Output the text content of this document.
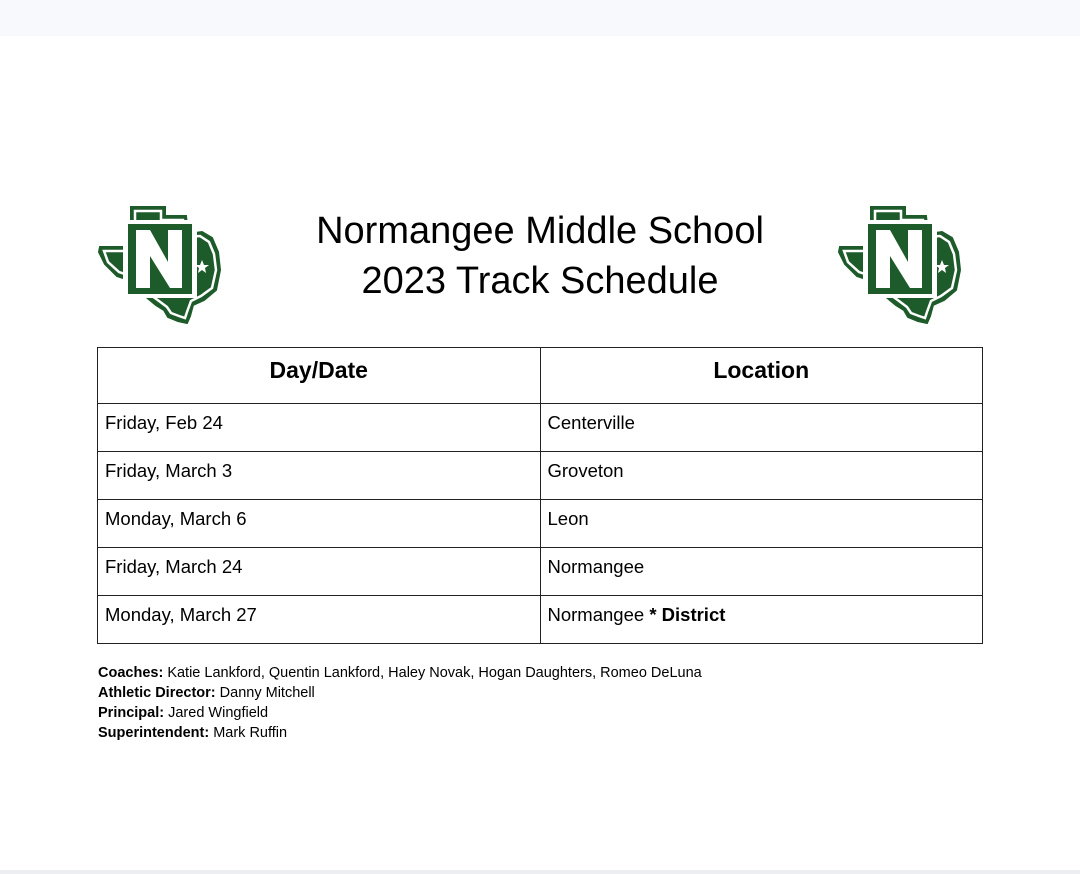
Normangee Middle School
2023 Track Schedule
Day/Date	Location
Friday, Feb 24	Centerville
Friday, March 3	Groveton
Monday, March 6	Leon
Friday, March 24	Normangee
Monday, March 27	Normangee * District
Coaches: Katie Lankford, Quentin Lankford, Haley Novak, Hogan Daughters, Romeo DeLuna
Athletic Director: Danny Mitchell
Principal: Jared Wingfield
Superintendent: Mark Ruffin
